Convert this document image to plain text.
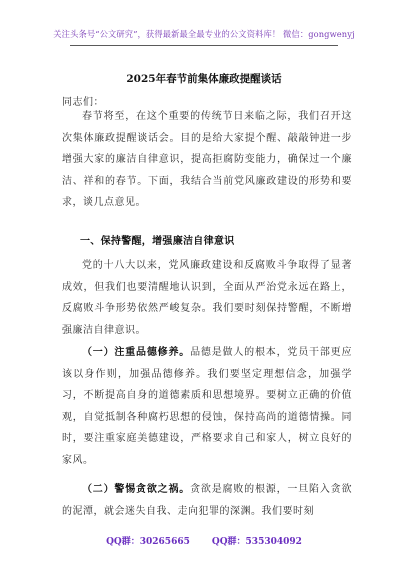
关注头条号“公文研究”，获得最新最全最专业的公文资料库！ 微信：gongwenyj
2025年春节前集体廉政提醒谈话
同志们：

春节将至，在这个重要的传统节日来临之际，我们召开这次集体廉政提醒谈话会。目的是给大家提个醒、敲敲钟进一步增强大家的廉洁自律意识，提高拒腐防变能力，确保过一个廉洁、祥和的春节。下面，我结合当前党风廉政建设的形势和要求，谈几点意见。

一、保持警醒，增强廉洁自律意识

党的十八大以来，党风廉政建设和反腐败斗争取得了显著成效，但我们也要清醒地认识到，全面从严治党永远在路上，反腐败斗争形势依然严峻复杂。我们要时刻保持警醒，不断增强廉洁自律意识。

（一）注重品德修养。品德是做人的根本，党员干部更应该以身作则，加强品德修养。我们要坚定理想信念，加强学习，不断提高自身的道德素质和思想境界。要树立正确的价值观，自觉抵制各种腐朽思想的侵蚀，保持高尚的道德情操。同时，要注重家庭美德建设，严格要求自己和家人，树立良好的家风。

（二）警惕贪欲之祸。贪欲是腐败的根源，一旦陷入贪欲的泥潭，就会迷失自我、走向犯罪的深渊。我们要时刻

QQ群：30265665 QQ群：535304092
